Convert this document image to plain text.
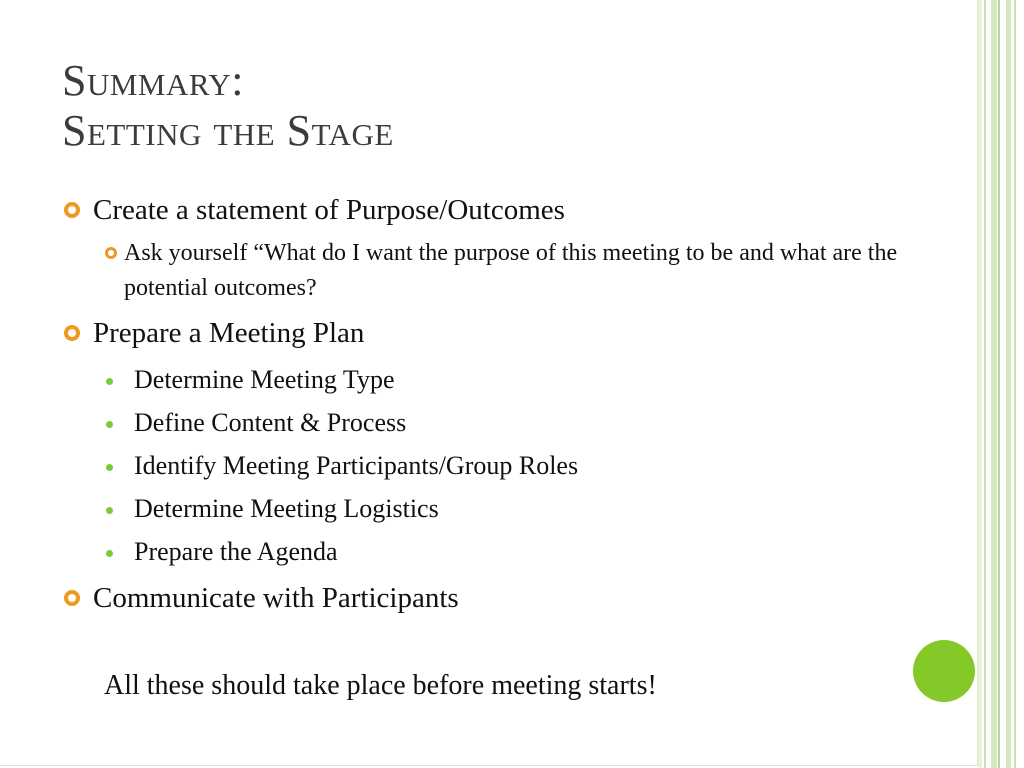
Summary:
Setting the Stage
Create a statement of Purpose/Outcomes
Ask yourself “What do I want the purpose of this meeting to be and what are the potential outcomes?
Prepare a Meeting Plan
Determine Meeting Type
Define Content & Process
Identify Meeting Participants/Group Roles
Determine Meeting Logistics
Prepare the Agenda
Communicate with Participants
All these should take place before meeting starts!
